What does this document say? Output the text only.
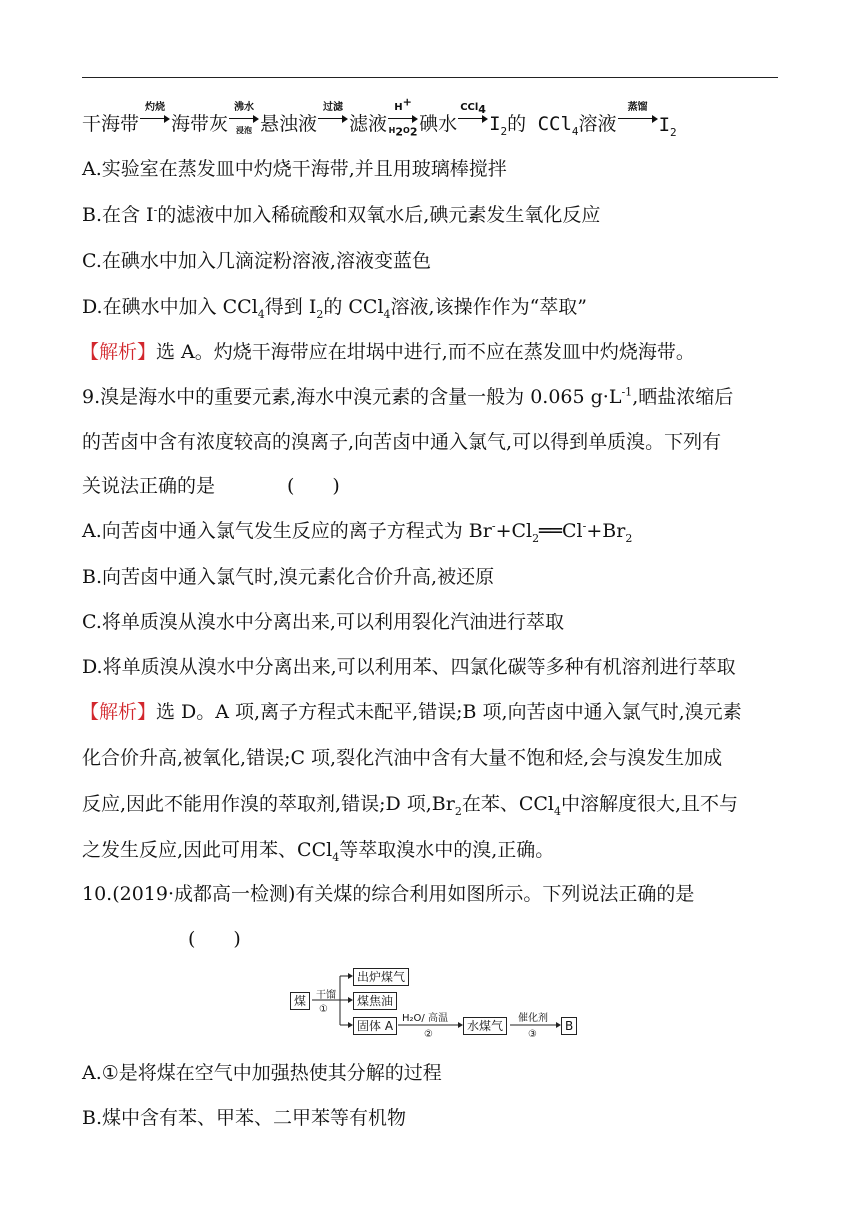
干海带
灼烧
海带灰
沸水
浸泡 悬浊液
过滤
滤液
H+
$H_2O_2$ 碘水
CCl$_4$
$I_2$的 CCl$_4$溶液
蒸馏
$I_2$
A.实验室在蒸发皿中灼烧干海带,并且用玻璃棒搅拌
B.在含 I-的滤液中加入稀硫酸和双氧水后,碘元素发生氧化反应
C.在碘水中加入几滴淀粉溶液,溶液变蓝色
D.在碘水中加入 CCl$_4$得到 $I_2$的 CCl$_4$溶液,该操作作为“萃取”
【解析】选 A。灼烧干海带应在坩埚中进行,而不应在蒸发皿中灼烧海带。
9.溴是海水中的重要元素,海水中溴元素的含量一般为 0.065 $g\cdot L^{-1}$,晒盐浓缩后
的苦卤中含有浓度较高的溴离子,向苦卤中通入氯气,可以得到单质溴。下列有
关说法正确的是	(　　)
A.向苦卤中通入氯气发生反应的离子方程式为 $Br^-+Cl_2══Cl^-+Br_2$
B.向苦卤中通入氯气时,溴元素化合价升高,被还原
C.将单质溴从溴水中分离出来,可以利用裂化汽油进行萃取
D.将单质溴从溴水中分离出来,可以利用苯、四氯化碳等多种有机溶剂进行萃取
【解析】选 D。A 项,离子方程式未配平,错误;B 项,向苦卤中通入氯气时,溴元素
化合价升高,被氧化,错误;C 项,裂化汽油中含有大量不饱和烃,会与溴发生加成
反应,因此不能用作溴的萃取剂,错误;D 项$,Br_2$在苯、CCl$_4$中溶解度很大,且不与
之发生反应,因此可用苯、CCl$_4$等萃取溴水中的溴,正确。
10.(2019·成都高一检测)有关煤的综合利用如图所示。下列说法正确的是
(　　)
煤 干馏
①
出炉煤气
煤焦油
固体 A
H₂O/ 高温
②
水煤气
催化剂
③
B
A.①是将煤在空气中加强热使其分解的过程
B.煤中含有苯、甲苯、二甲苯等有机物
